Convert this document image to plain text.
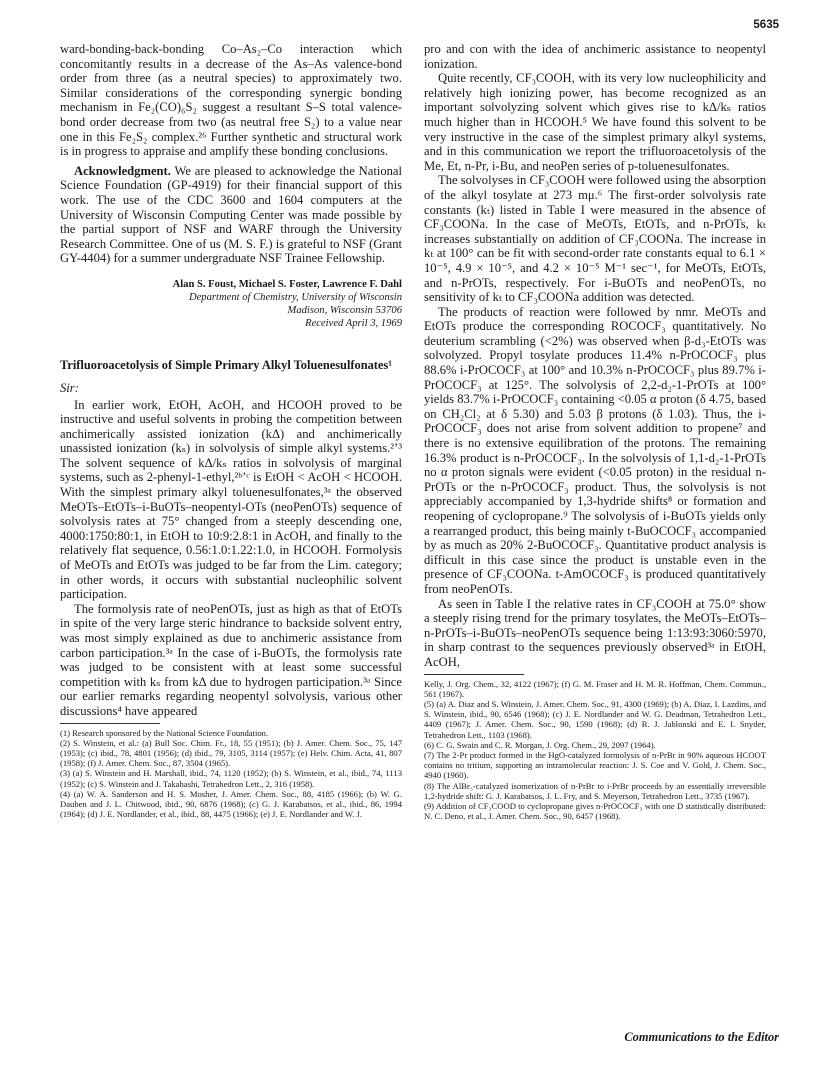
5635

ward-bonding-back-bonding Co–As₂–Co interaction which concomitantly results in a decrease of the As–As valence-bond order from three (as a neutral species) to approximately two. Similar considerations of the corresponding synergic bonding mechanism in Fe₂(CO)₆S₂ suggest a resultant S–S total valence-bond order decrease from two (as neutral free S₂) to a value near one in this Fe₂S₂ complex.²⁶ Further synthetic and structural work is in progress to appraise and amplify these bonding conclusions.

Acknowledgment. We are pleased to acknowledge the National Science Foundation (GP-4919) for their financial support of this work. The use of the CDC 3600 and 1604 computers at the University of Wisconsin Computing Center was made possible by the partial support of NSF and WARF through the University Research Committee. One of us (M. S. F.) is grateful to NSF (Grant GY-4404) for a summer undergraduate NSF Trainee Fellowship.

Alan S. Foust, Michael S. Foster, Lawrence F. Dahl
Department of Chemistry, University of Wisconsin
Madison, Wisconsin 53706
Received April 3, 1969
Trifluoroacetolysis of Simple Primary Alkyl Toluenesulfonates¹
Sir:

In earlier work, EtOH, AcOH, and HCOOH proved to be instructive and useful solvents in probing the competition between anchimerically assisted ionization (kΔ) and anchimerically unassisted ionization (kₛ) in solvolysis of simple alkyl systems.²ʼ³ The solvent sequence of kΔ/kₛ ratios in solvolysis of marginal systems, such as 2-phenyl-1-ethyl,²ᵇʼᶜ is EtOH < AcOH < HCOOH. With the simplest primary alkyl toluenesulfonates,³ᵃ the observed MeOTs–EtOTs–i-BuOTs–neopentyl-OTs (neoPenOTs) sequence of solvolysis rates at 75° changed from a steeply descending one, 4000:1750:80:1, in EtOH to 10:9:2.8:1 in AcOH, and finally to the relatively flat sequence, 0.56:1.0:1.22:1.0, in HCOOH. Formolysis of MeOTs and EtOTs was judged to be far from the Lim. category; in other words, it occurs with substantial nucleophilic solvent participation.

The formolysis rate of neoPenOTs, just as high as that of EtOTs in spite of the very large steric hindrance to backside solvent entry, was most simply explained as due to anchimeric assistance from carbon participation.³ᵃ In the case of i-BuOTs, the formolysis rate was judged to be consistent with at least some successful competition with kₛ from kΔ due to hydrogen participation.³ᵃ Since our earlier remarks regarding neopentyl solvolysis, various other discussions⁴ have appeared

(1) Research sponsored by the National Science Foundation.

(2) S. Winstein, et al.: (a) Bull Soc. Chim. Fr., 18, 55 (1951); (b) J. Amer. Chem. Soc., 75, 147 (1953); (c) ibid., 78, 4801 (1956); (d) ibid., 79, 3105, 3114 (1957); (e) Helv. Chim. Acta, 41, 807 (1958); (f) J. Amer. Chem. Soc., 87, 3504 (1965).

(3) (a) S. Winstein and H. Marshall, ibid., 74, 1120 (1952); (b) S. Winstein, et al., ibid., 74, 1113 (1952); (c) S. Winstein and J. Takahashi, Tetrahedron Lett., 2, 316 (1958).

(4) (a) W. A. Sanderson and H. S. Mosher, J. Amer. Chem. Soc., 88, 4185 (1966); (b) W. G. Dauben and J. L. Chitwood, ibid., 90, 6876 (1968); (c) G. J. Karabatsos, et al., ibid., 86, 1994 (1964); (d) J. E. Nordlander, et al., ibid., 88, 4475 (1966); (e) J. E. Nordlander and W. J.

pro and con with the idea of anchimeric assistance to neopentyl ionization.

Quite recently, CF₃COOH, with its very low nucleophilicity and relatively high ionizing power, has become recognized as an important solvolyzing solvent which gives rise to kΔ/kₛ ratios much higher than in HCOOH.⁵ We have found this solvent to be very instructive in the case of the simplest primary alkyl systems, and in this communication we report the trifluoroacetolysis of the Me, Et, n-Pr, i-Bu, and neoPen series of p-toluenesulfonates.

The solvolyses in CF₃COOH were followed using the absorption of the alkyl tosylate at 273 mμ.⁶ The first-order solvolysis rate constants (kₜ) listed in Table I were measured in the absence of CF₃COONa. In the case of MeOTs, EtOTs, and n-PrOTs, kₜ increases substantially on addition of CF₃COONa. The increase in kₜ at 100° can be fit with second-order rate constants equal to 6.1 × 10⁻⁵, 4.9 × 10⁻⁵, and 4.2 × 10⁻⁵ M⁻¹ sec⁻¹, for MeOTs, EtOTs, and n-PrOTs, respectively. For i-BuOTs and neoPenOTs, no sensitivity of kₜ to CF₃COONa addition was detected.

The products of reaction were followed by nmr. MeOTs and EtOTs produce the corresponding ROCOCF₃ quantitatively. No deuterium scrambling (<2%) was observed when β-d₃-EtOTs was solvolyzed. Propyl tosylate produces 11.4% n-PrOCOCF₃ plus 88.6% i-PrOCOCF₃ at 100° and 10.3% n-PrOCOCF₃ plus 89.7% i-PrOCOCF₃ at 125°. The solvolysis of 2,2-d₂-1-PrOTs at 100° yields 83.7% i-PrOCOCF₃ containing <0.05 α proton (δ 4.75, based on CH₂Cl₂ at δ 5.30) and 5.03 β protons (δ 1.03). Thus, the i-PrOCOCF₃ does not arise from solvent addition to propene⁷ and there is no extensive equilibration of the protons. The remaining 16.3% product is n-PrOCOCF₃. In the solvolysis of 1,1-d₂-1-PrOTs no α proton signals were evident (<0.05 proton) in the residual n-PrOTs or the n-PrOCOCF₃ product. Thus, the solvolysis is not appreciably accompanied by 1,3-hydride shifts⁸ or formation and reopening of cyclopropane.⁹ The solvolysis of i-BuOTs yields only a rearranged product, this being mainly t-BuOCOCF₃ accompanied by as much as 20% 2-BuOCOCF₃. Quantitative product analysis is difficult in this case since the product is unstable even in the presence of CF₃COONa. t-AmOCOCF₃ is produced quantitatively from neoPenOTs.

As seen in Table I the relative rates in CF₃COOH at 75.0° show a steeply rising trend for the primary tosylates, the MeOTs–EtOTs–n-PrOTs–i-BuOTs–neoPenOTs sequence being 1:13:93:3060:5970, in sharp contrast to the sequences previously observed³ᵃ in EtOH, AcOH,

Kelly, J. Org. Chem., 32, 4122 (1967); (f) G. M. Fraser and H. M. R. Hoffman, Chem. Commun., 561 (1967).

(5) (a) A. Diaz and S. Winstein, J. Amer. Chem. Soc., 91, 4300 (1969); (b) A. Diaz, I. Lazdins, and S. Winstein, ibid., 90, 6546 (1968); (c) J. E. Nordlander and W. G. Deadman, Tetrahedron Lett., 4409 (1967); J. Amer. Chem. Soc., 90, 1590 (1968); (d) R. J. Jablonski and E. I. Snyder, Tetrahedron Lett., 1103 (1968).

(6) C. G. Swain and C. R. Morgan, J. Org. Chem., 29, 2097 (1964).

(7) The 2-Pr product formed in the HgO-catalyzed formolysis of n-PrBr in 90% aqueous HCOOT contains no tritium, supporting an intramolecular reaction: J. S. Coe and V. Gold, J. Chem. Soc., 4940 (1960).

(8) The AlBr₃-catalyzed isomerization of n-PrBr to i-PrBr proceeds by an essentially irreversible 1,2-hydride shift: G. J. Karabatsos, J. L. Fry, and S. Meyerson, Tetrahedron Lett., 3735 (1967).

(9) Addition of CF₃COOD to cyclopropane gives n-PrOCOCF₃ with one D statistically distributed: N. C. Deno, et al., J. Amer. Chem. Soc., 90, 6457 (1968).

Communications to the Editor
